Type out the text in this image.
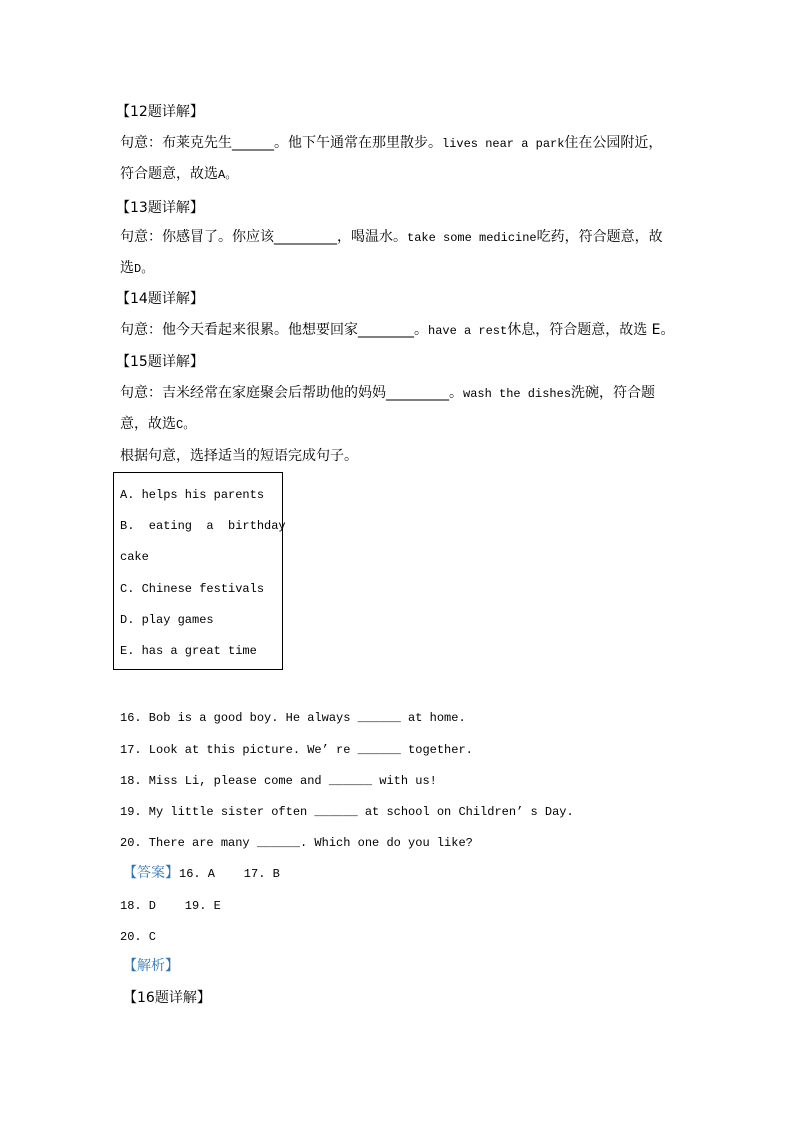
【12题详解】
句意：布莱克先生______。他下午通常在那里散步。lives near a park住在公园附近，
符合题意，故选A。
【13题详解】
句意：你感冒了。你应该_________，喝温水。take some medicine吃药，符合题意，故
选D。
【14题详解】
句意：他今天看起来很累。他想要回家________。have a rest休息，符合题意，故选 E。
【15题详解】
句意：吉米经常在家庭聚会后帮助他的妈妈_________。wash the dishes洗碗，符合题
意，故选C。
根据句意，选择适当的短语完成句子。
A. helps his parents
B.  eating  a  birthday
cake
C. Chinese festivals
D. play games
E. has a great time
16. Bob is a good boy. He always ______ at home.
17. Look at this picture. We’ re ______ together.
18. Miss Li, please come and ______ with us!
19. My little sister often ______ at school on Children’ s Day.
20. There are many ______. Which one do you like?
【答案】16. A    17. B
18. D    19. E
20. C
【解析】
【16题详解】
